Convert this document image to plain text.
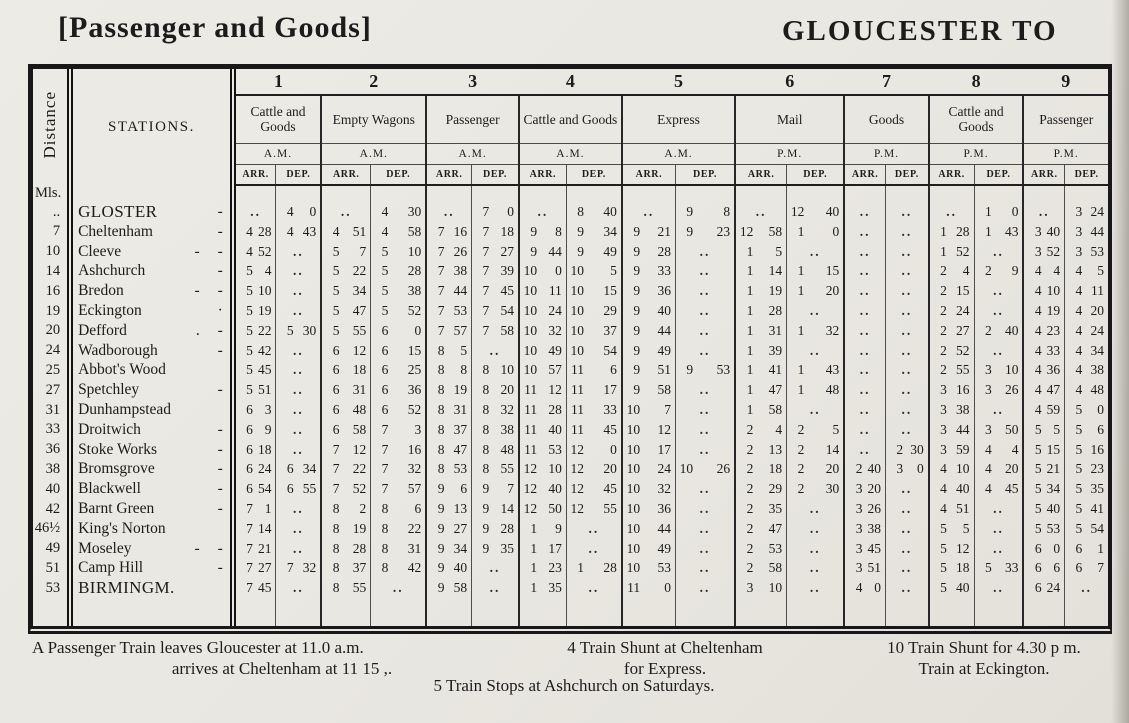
[Passenger and Goods]	GLOUCESTER TO
Distance	STATIONS.	1		2		3		4		5		6		7		8		9	
		Cattle and Goods		Empty Wagons		Passenger		Cattle and Goods		Express		Mail		Goods		Cattle and Goods		Passenger	
		A.M.		A.M.		A.M.		A.M.		A.M.		P.M.		P.M.		P.M.		P.M.	
		ARR.	DEP.	ARR.	DEP.	ARR.	DEP.	ARR.	DEP.	ARR.	DEP.	ARR.	DEP.	ARR.	DEP.	ARR.	DEP.	ARR.	DEP.
Mls.																			
..	GLOSTER -	..	4 0	..	4 30	..	7 0	..	8 40	..	9 8	..	12 40	..	..	..	1 0	..	3 24

7	Cheltenham -	4 28	4 43	4 51	4 58	7 16	7 18	9 8	9 34	9 21	9 23	12 58	1 0	..	..	1 28	1 43	3 40	3 44

10	Cleeve - -	4 52	..	5 7	5 10	7 26	7 27	9 44	9 49	9 28	..	1 5	..	..	..	1 52	..	3 52	3 53

14	Ashchurch -	5 4	..	5 22	5 28	7 38	7 39	10 0	10 5	9 33	..	1 14	1 15	..	..	2 4	2 9	4 4	4 5

16	Bredon - -	5 10	..	5 34	5 38	7 44	7 45	10 11	10 15	9 36	..	1 19	1 20	..	..	2 15	..	4 10	4 11

19	Eckington ·	5 19	..	5 47	5 52	7 53	7 54	10 24	10 29	9 40	..	1 28	..	..	..	2 24	..	4 19	4 20

20	Defford . -	5 22	5 30	5 55	6 0	7 57	7 58	10 32	10 37	9 44	..	1 31	1 32	..	..	2 27	2 40	4 23	4 24

24	Wadborough -	5 42	..	6 12	6 15	8 5	..	10 49	10 54	9 49	..	1 39	..	..	..	2 52	..	4 33	4 34

25	Abbot's Wood	5 45	..	6 18	6 25	8 8	8 10	10 57	11 6	9 51	9 53	1 41	1 43	..	..	2 55	3 10	4 36	4 38

27	Spetchley -	5 51	..	6 31	6 36	8 19	8 20	11 12	11 17	9 58	..	1 47	1 48	..	..	3 16	3 26	4 47	4 48

31	Dunhampstead	6 3	..	6 48	6 52	8 31	8 32	11 28	11 33	10 7	..	1 58	..	..	..	3 38	..	4 59	5 0

33	Droitwich -	6 9	..	6 58	7 3	8 37	8 38	11 40	11 45	10 12	..	2 4	2 5	..	..	3 44	3 50	5 5	5 6

36	Stoke Works -	6 18	..	7 12	7 16	8 47	8 48	11 53	12 0	10 17	..	2 13	2 14	..	2 30	3 59	4 4	5 15	5 16

38	Bromsgrove -	6 24	6 34	7 22	7 32	8 53	8 55	12 10	12 20	10 24	10 26	2 18	2 20	2 40	3 0	4 10	4 20	5 21	5 23

40	Blackwell -	6 54	6 55	7 52	7 57	9 6	9 7	12 40	12 45	10 32	..	2 29	2 30	3 20	..	4 40	4 45	5 34	5 35

42	Barnt Green -	7 1	..	8 2	8 6	9 13	9 14	12 50	12 55	10 36	..	2 35	..	3 26	..	4 51	..	5 40	5 41

46½	King's Norton	7 14	..	8 19	8 22	9 27	9 28	1 9	..	10 44	..	2 47	..	3 38	..	5 5	..	5 53	5 54

49	Moseley - -	7 21	..	8 28	8 31	9 34	9 35	1 17	..	10 49	..	2 53	..	3 45	..	5 12	..	6 0	6 1

51	Camp Hill -	7 27	7 32	8 37	8 42	9 40	..	1 23	1 28	10 53	..	2 58	..	3 51	..	5 18	5 33	6 6	6 7

53	BIRMINGM.	7 45	..	8 55	..	9 58	..	1 35	..	11 0	..	3 10	..	4 0	..	5 40	..	6 24	..

A Passenger Train leaves Gloucester at 11.0 a.m.
arrives at Cheltenham at 11 15 ,.
4 Train Shunt at Cheltenham
for Express.
10 Train Shunt for 4.30 p m.
Train at Eckington.
5 Train Stops at Ashchurch on Saturdays.
